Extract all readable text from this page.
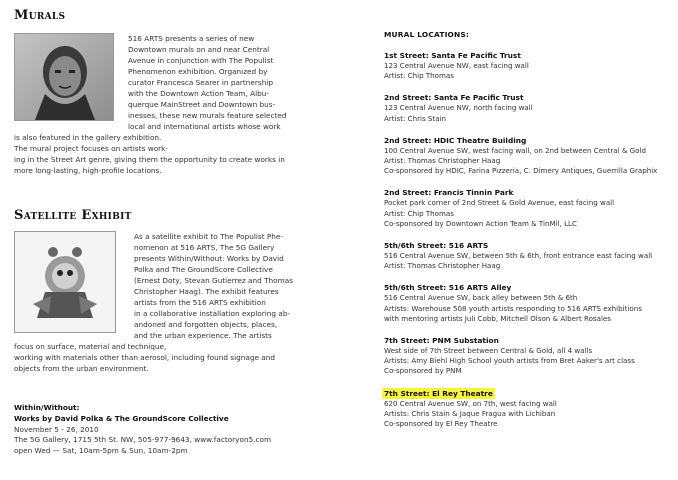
Murals
516 ARTS presents a series of new
Downtown murals on and near Central
Avenue in conjunction with The Populist
Phenomenon exhibition. Organized by
curator Francesca Searer in partnership
with the Downtown Action Team, Albu-
querque MainStreet and Downtown bus-
inesses, these new murals feature selected
local and international artists whose work
is also featured in the gallery exhibition.
The mural project focuses on artists work-
ing in the Street Art genre, giving them the opportunity to create works in
more long-lasting, high-profile locations.
Satellite Exhibit
As a satellite exhibit to The Populist Phe-
nomenon at 516 ARTS, The 5G Gallery
presents Within/Without: Works by David
Polka and The GroundScore Collective
(Ernest Doty, Stevan Gutierrez and Thomas
Christopher Haag). The exhibit features
artists from the 516 ARTS exhibition
in a collaborative installation exploring ab-
andoned and forgotten objects, places,
and the urban experience. The artists
focus on surface, material and technique,
working with materials other than aerosol, including found signage and
objects from the urban environment.
Within/Without:
Works by David Polka & The GroundScore Collective
November 5 - 26, 2010
The 5G Gallery, 1715 5th St. NW, 505-977-9643, www.factoryon5.com
open Wed — Sat, 10am-5pm & Sun, 10am-2pm
MURAL LOCATIONS:
1st Street: Santa Fe Pacific Trust
123 Central Avenue NW, east facing wall
Artist: Chip Thomas
2nd Street: Santa Fe Pacific Trust
123 Central Avenue NW, north facing wall
Artist: Chris Stain
2nd Street: HDIC Theatre Building
100 Central Avenue SW, west facing wall, on 2nd between Central & Gold
Artist: Thomas Christopher Haag
Co-sponsored by HDIC, Farina Pizzeria, C. Dimery Antiques, Guerrilla Graphix
2nd Street: Francis Tinnin Park
Pocket park corner of 2nd Street & Gold Avenue, east facing wall
Artist: Chip Thomas
Co-sponsored by Downtown Action Team & TinMil, LLC
5th/6th Street: 516 ARTS
516 Central Avenue SW, between 5th & 6th, front entrance east facing wall
Artist: Thomas Christopher Haag
5th/6th Street: 516 ARTS Alley
516 Central Avenue SW, back alley between 5th & 6th
Artists: Warehouse 508 youth artists responding to 516 ARTS exhibitions
with mentoring artists Juli Cobb, Mitchell Olson & Albert Rosales
7th Street: PNM Substation
West side of 7th Street between Central & Gold, all 4 walls
Artists: Amy Biehl High School youth artists from Bret Aaker's art class
Co-sponsored by PNM
7th Street: El Rey Theatre
620 Central Avenue SW, on 7th, west facing wall
Artists: Chris Stain & Jaque Fragua with Lichiban
Co-sponsored by El Rey Theatre
